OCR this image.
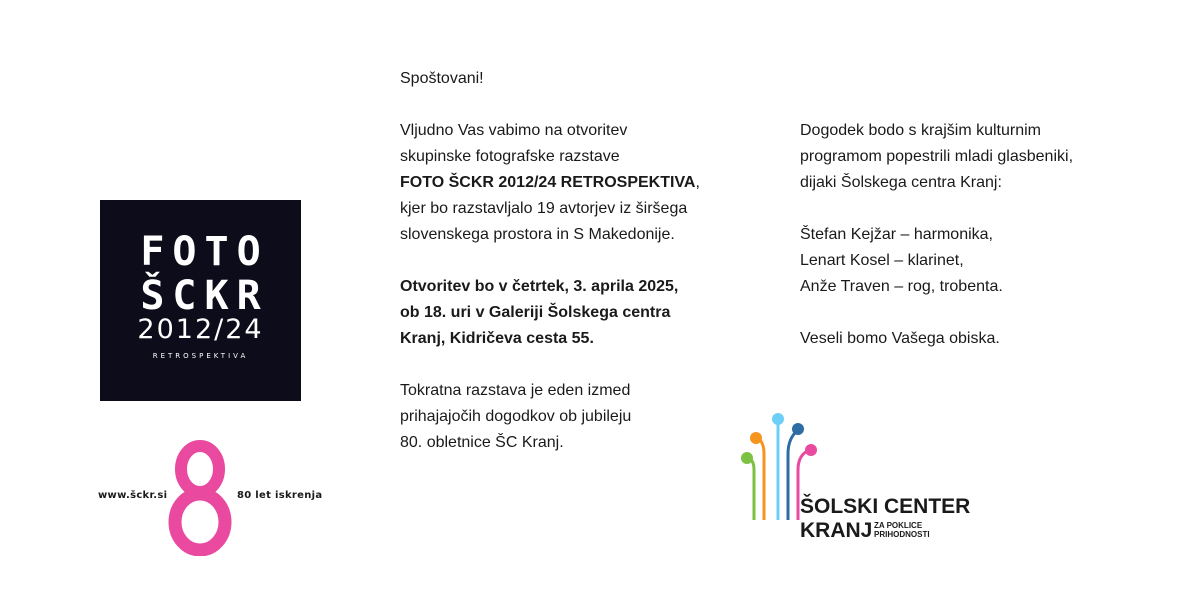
FOTO
ŠCKR
2012/24
RETROSPEKTIVA
www.šckr.si	80 let iskrenja
Spoštovani!
Vljudno Vas vabimo na otvoritev
skupinske fotografske razstave
FOTO ŠCKR 2012/24 RETROSPEKTIVA,
kjer bo razstavljalo 19 avtorjev iz širšega
slovenskega prostora in S Makedonije.
Otvoritev bo v četrtek, 3. aprila 2025,
ob 18. uri v Galeriji Šolskega centra
Kranj, Kidričeva cesta 55.
Tokratna razstava je eden izmed
prihajajočih dogodkov ob jubileju
80. obletnice ŠC Kranj.
Dogodek bodo s krajšim kulturnim
programom popestrili mladi glasbeniki,
dijaki Šolskega centra Kranj:
Štefan Kejžar – harmonika,
Lenart Kosel – klarinet,
Anže Traven – rog, trobenta.
Veseli bomo Vašega obiska.
ŠOLSKI CENTER
KRANJ ZA POKLICE
PRIHODNOSTI
